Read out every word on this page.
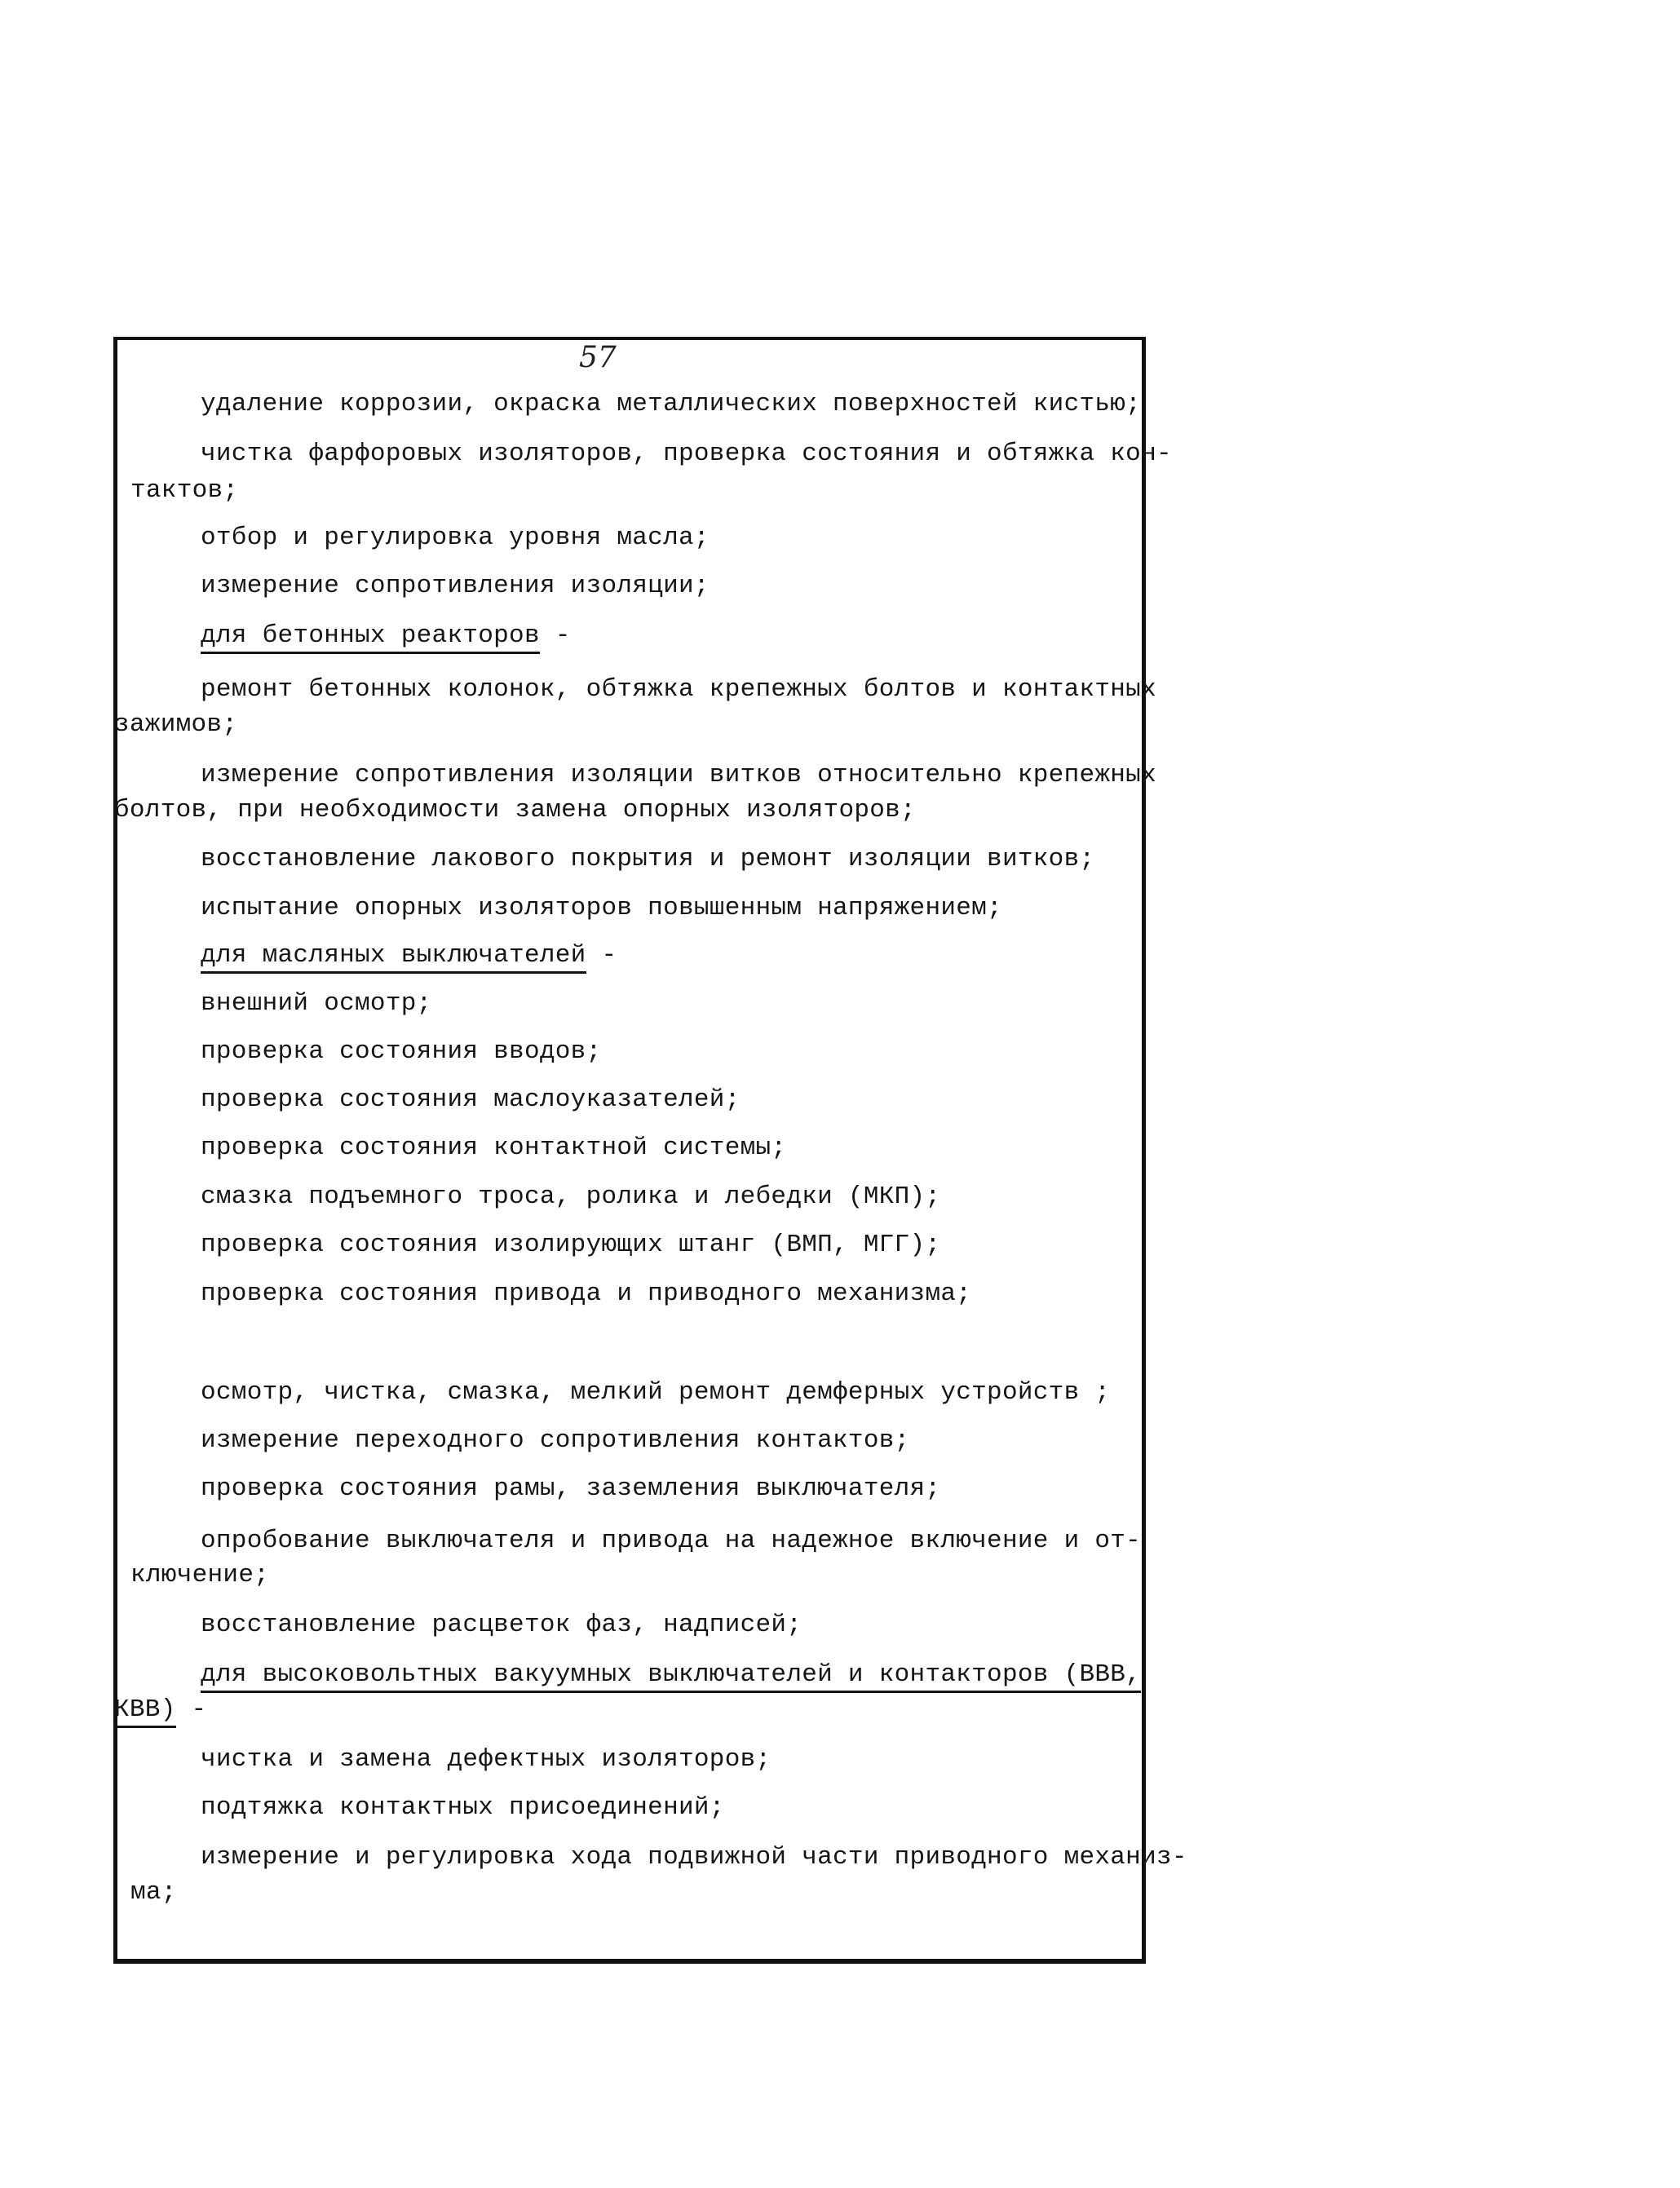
57
удаление коррозии, окраска металлических поверхностей кистью;
чистка фарфоровых изоляторов, проверка состояния и обтяжка кон-
тактов;
отбор и регулировка уровня масла;
измерение сопротивления изоляции;
для бетонных реакторов -
ремонт бетонных колонок, обтяжка крепежных болтов и контактных
зажимов;
измерение сопротивления изоляции витков относительно крепежных
болтов, при необходимости замена опорных изоляторов;
восстановление лакового покрытия и ремонт изоляции витков;
испытание опорных изоляторов повышенным напряжением;
для масляных выключателей -
внешний осмотр;
проверка состояния вводов;
проверка состояния маслоуказателей;
проверка состояния контактной системы;
смазка подъемного троса, ролика и лебедки (МКП);
проверка состояния изолирующих штанг (ВМП, МГГ);
проверка состояния привода и приводного механизма;
осмотр, чистка, смазка, мелкий ремонт демферных устройств ;
измерение переходного сопротивления контактов;
проверка состояния рамы, заземления выключателя;
опробование выключателя и привода на надежное включение и от-
ключение;
восстановление расцветок фаз, надписей;
для высоковольтных вакуумных выключателей и контакторов (ВВВ,
КВВ) -
чистка и замена дефектных изоляторов;
подтяжка контактных присоединений;
измерение и регулировка хода подвижной части приводного механиз-
ма;
